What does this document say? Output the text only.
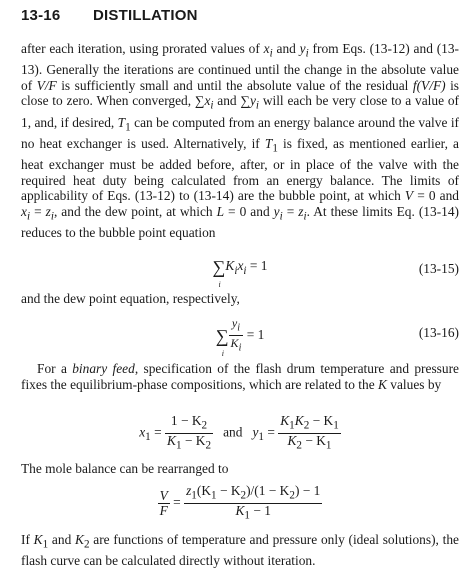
13-16 DISTILLATION

after each iteration, using prorated values of $x_i$ and $y_i$ from Eqs. (13-12) and (13-13). Generally the iterations are continued until the change in the absolute value of V/F is sufficiently small and until the absolute value of the residual f(V/F) is close to zero. When converged, $\sum x_i$ and $\sum y_i$ will each be very close to a value of 1, and, if desired, $T_1$ can be computed from an energy balance around the valve if no heat exchanger is used. Alternatively, if $T_1$ is fixed, as mentioned earlier, a heat exchanger must be added before, after, or in place of the valve with the required heat duty being calculated from an energy balance. The limits of applicability of Eqs. (13-12) to (13-14) are the bubble point, at which V = 0 and $x_i = z_i$, and the dew point, at which L = 0 and $y_i = z_i$. At these limits Eq. (13-14) reduces to the bubble point equation

∑
i
$K_ix_i = 1$	(13-15)

and the dew point equation, respectively,

∑
i $\frac{y_i}{K_i} = 1$	(13-16)

For a binary feed, specification of the flash drum temperature and pressure fixes the equilibrium-phase compositions, which are related to the K values by

$x_1 = \frac{1 - K_2}{K_1 - K_2}$ and $y_1 = \frac{K_1K_2 - K_1}{K_2 - K_1}$

The mole balance can be rearranged to

$\frac{V}{F} = \frac{z_1(K_1 - K_2)/(1 - K_2) - 1}{K_1 - 1}$

If $K_1$ and $K_2$ are functions of temperature and pressure only (ideal solutions), the flash curve can be calculated directly without iteration.
